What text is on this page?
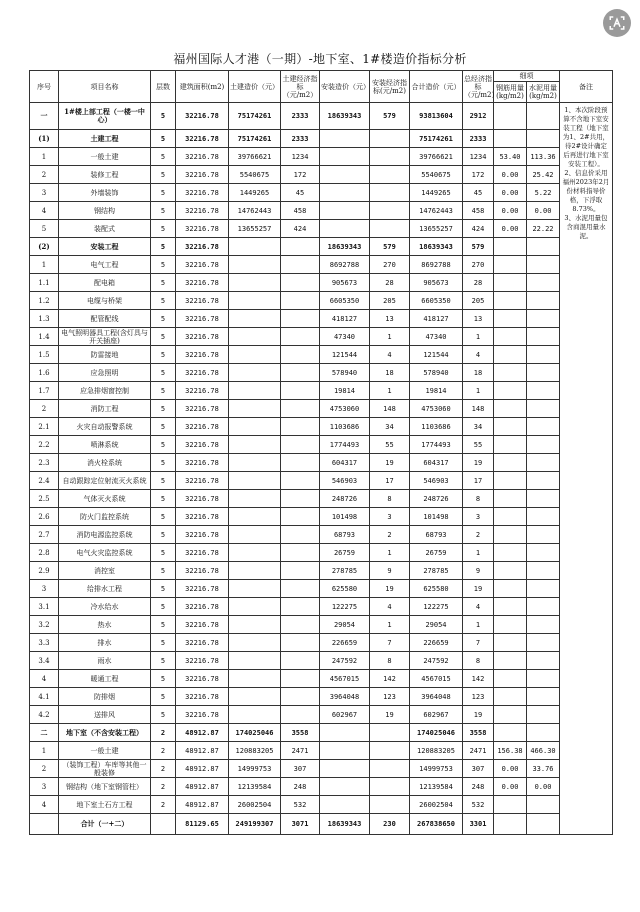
福州国际人才港（一期）-地下室、1#楼造价指标分析
序号	项目名称	层数	建筑面积(m2)	土建造价（元）	土建经济指标（元/m2）	安装造价（元）	安装经济指标(元/m2)	合计造价（元）	总经济指标（元/m2）	细项		备注
										钢筋用量(kg/m2)	水泥用量(kg/m2)	
一	1#楼上部工程（一楼一中心）	5	32216.78	75174261	2333	18639343	579	93813604	2912			1、本次阶段预算不含地下室安装工程（地下室为1、2#共用，待2#设计确定后再进行地下室安装工程）。
2、信息价采用福州2023年2月份材料指导价格，下浮取8.73%。
3、水泥用量包含商混用量水泥。
(1)	土建工程	5	32216.78	75174261	2333			75174261	2333			
1	一般土建	5	32216.78	39766621	1234			39766621	1234	53.40	113.36	
2	装修工程	5	32216.78	5540675	172			5540675	172	0.00	25.42	
3	外墙装饰	5	32216.78	1449265	45			1449265	45	0.00	5.22	
4	钢结构	5	32216.78	14762443	458			14762443	458	0.00	0.00	
5	装配式	5	32216.78	13655257	424			13655257	424	0.00	22.22	
(2)	安装工程	5	32216.78			18639343	579	18639343	579			
1	电气工程	5	32216.78			8692788	270	8692788	270			
1.1	配电箱	5	32216.78			905673	28	905673	28			
1.2	电缆与桥架	5	32216.78			6605350	205	6605350	205			
1.3	配管配线	5	32216.78			418127	13	418127	13			
1.4	电气照明器具工程(含灯具与开关插座)	5	32216.78			47340	1	47340	1			
1.5	防雷接地	5	32216.78			121544	4	121544	4			
1.6	应急照明	5	32216.78			578940	18	578940	18			
1.7	应急排烟窗控制	5	32216.78			19814	1	19814	1			
2	消防工程	5	32216.78			4753060	148	4753060	148			
2.1	火灾自动报警系统	5	32216.78			1103686	34	1103686	34			
2.2	喷淋系统	5	32216.78			1774493	55	1774493	55			
2.3	消火栓系统	5	32216.78			604317	19	604317	19			
2.4	自动跟踪定位射流灭火系统	5	32216.78			546903	17	546903	17			
2.5	气体灭火系统	5	32216.78			248726	8	248726	8			
2.6	防火门监控系统	5	32216.78			101498	3	101498	3			
2.7	消防电源监控系统	5	32216.78			68793	2	68793	2			
2.8	电气火灾监控系统	5	32216.78			26759	1	26759	1			
2.9	消控室	5	32216.78			278785	9	278785	9			
3	给排水工程	5	32216.78			625580	19	625580	19			
3.1	冷水给水	5	32216.78			122275	4	122275	4			
3.2	热水	5	32216.78			29054	1	29054	1			
3.3	排水	5	32216.78			226659	7	226659	7			
3.4	雨水	5	32216.78			247592	8	247592	8			
4	暖通工程	5	32216.78			4567015	142	4567015	142			
4.1	防排烟	5	32216.78			3964048	123	3964048	123			
4.2	送排风	5	32216.78			602967	19	602967	19			
二	地下室（不含安装工程）	2	48912.87	174025046	3558			174025046	3558			
1	一般土建	2	48912.87	120883205	2471			120883205	2471	156.38	466.30	
2	（装饰工程）车库等其他一般装修	2	48912.87	14999753	307			14999753	307	0.00	33.76	
3	钢结构（地下室钢管柱）	2	48912.87	12139584	248			12139584	248	0.00	0.00	
4	地下室土石方工程	2	48912.87	26002504	532			26002504	532			
	合计（一+二）		81129.65	249199307	3071	18639343	230	267838650	3301			
